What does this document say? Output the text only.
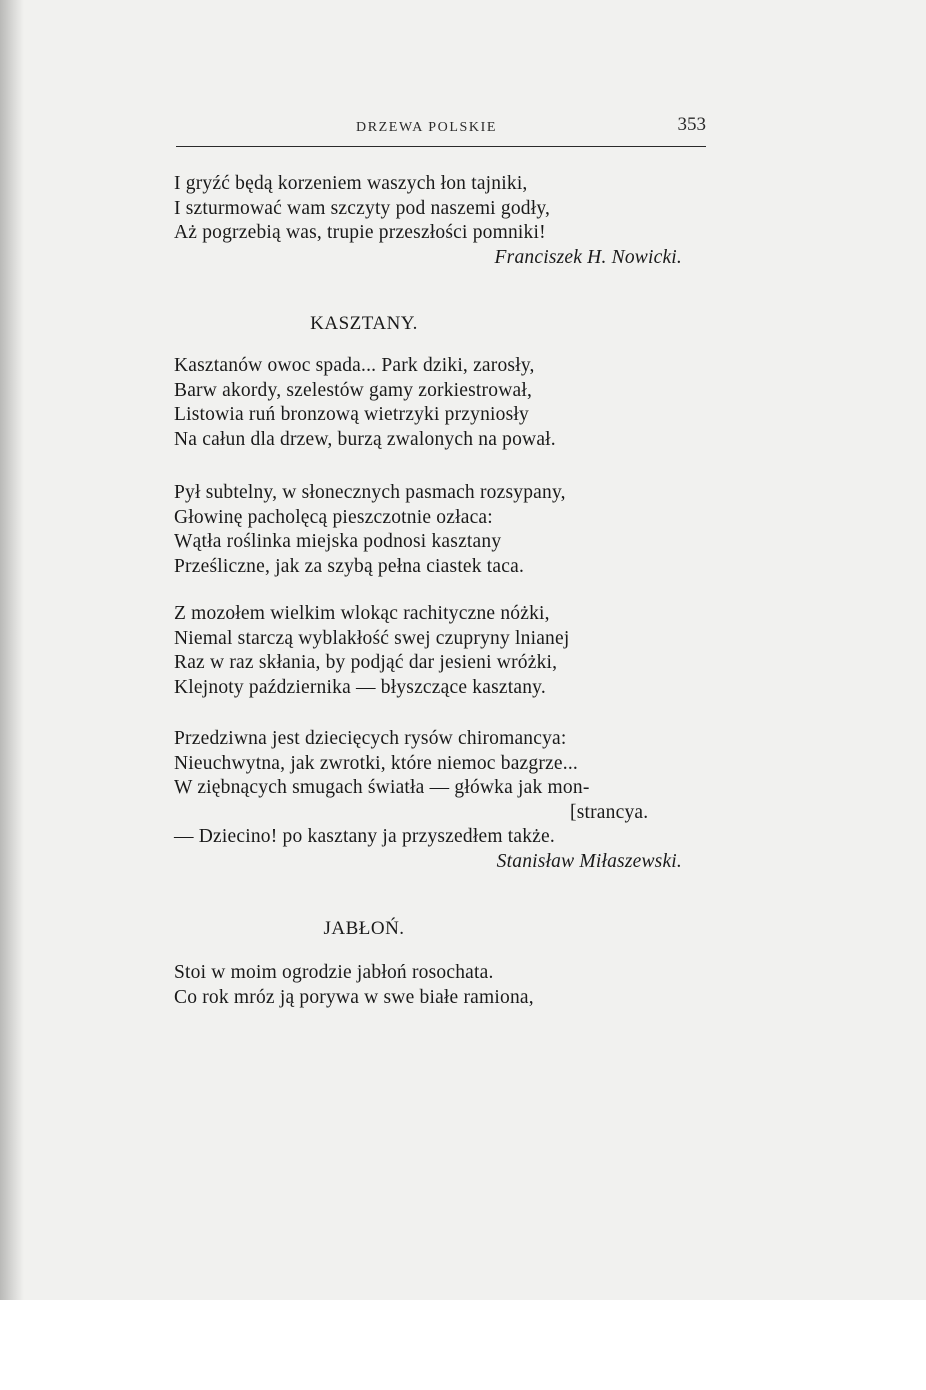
DRZEWA POLSKIE	353
I gryźć będą korzeniem waszych łon tajniki,
I szturmować wam szczyty pod naszemi godły,
Aż pogrzebią was, trupie przeszłości pomniki!
Franciszek H. Nowicki.
KASZTANY.
Kasztanów owoc spada... Park dziki, zarosły,
Barw akordy, szelestów gamy zorkiestrował,
Listowia ruń bronzową wietrzyki przyniosły
Na całun dla drzew, burzą zwalonych na pował.
Pył subtelny, w słonecznych pasmach rozsypany,
Głowinę pacholęcą pieszczotnie ozłaca:
Wątła roślinka miejska podnosi kasztany
Prześliczne, jak za szybą pełna ciastek taca.
Z mozołem wielkim wlokąc rachityczne nóżki,
Niemal starczą wyblakłość swej czupryny lnianej
Raz w raz skłania, by podjąć dar jesieni wróżki,
Klejnoty października — błyszczące kasztany.
Przedziwna jest dziecięcych rysów chiromancya:
Nieuchwytna, jak zwrotki, które niemoc bazgrze...
W ziębnących smugach światła — główka jak mon-
[strancya.
— Dziecino! po kasztany ja przyszedłem także.
Stanisław Miłaszewski.
JABŁOŃ.
Stoi w moim ogrodzie jabłoń rosochata.
Co rok mróz ją porywa w swe białe ramiona,
